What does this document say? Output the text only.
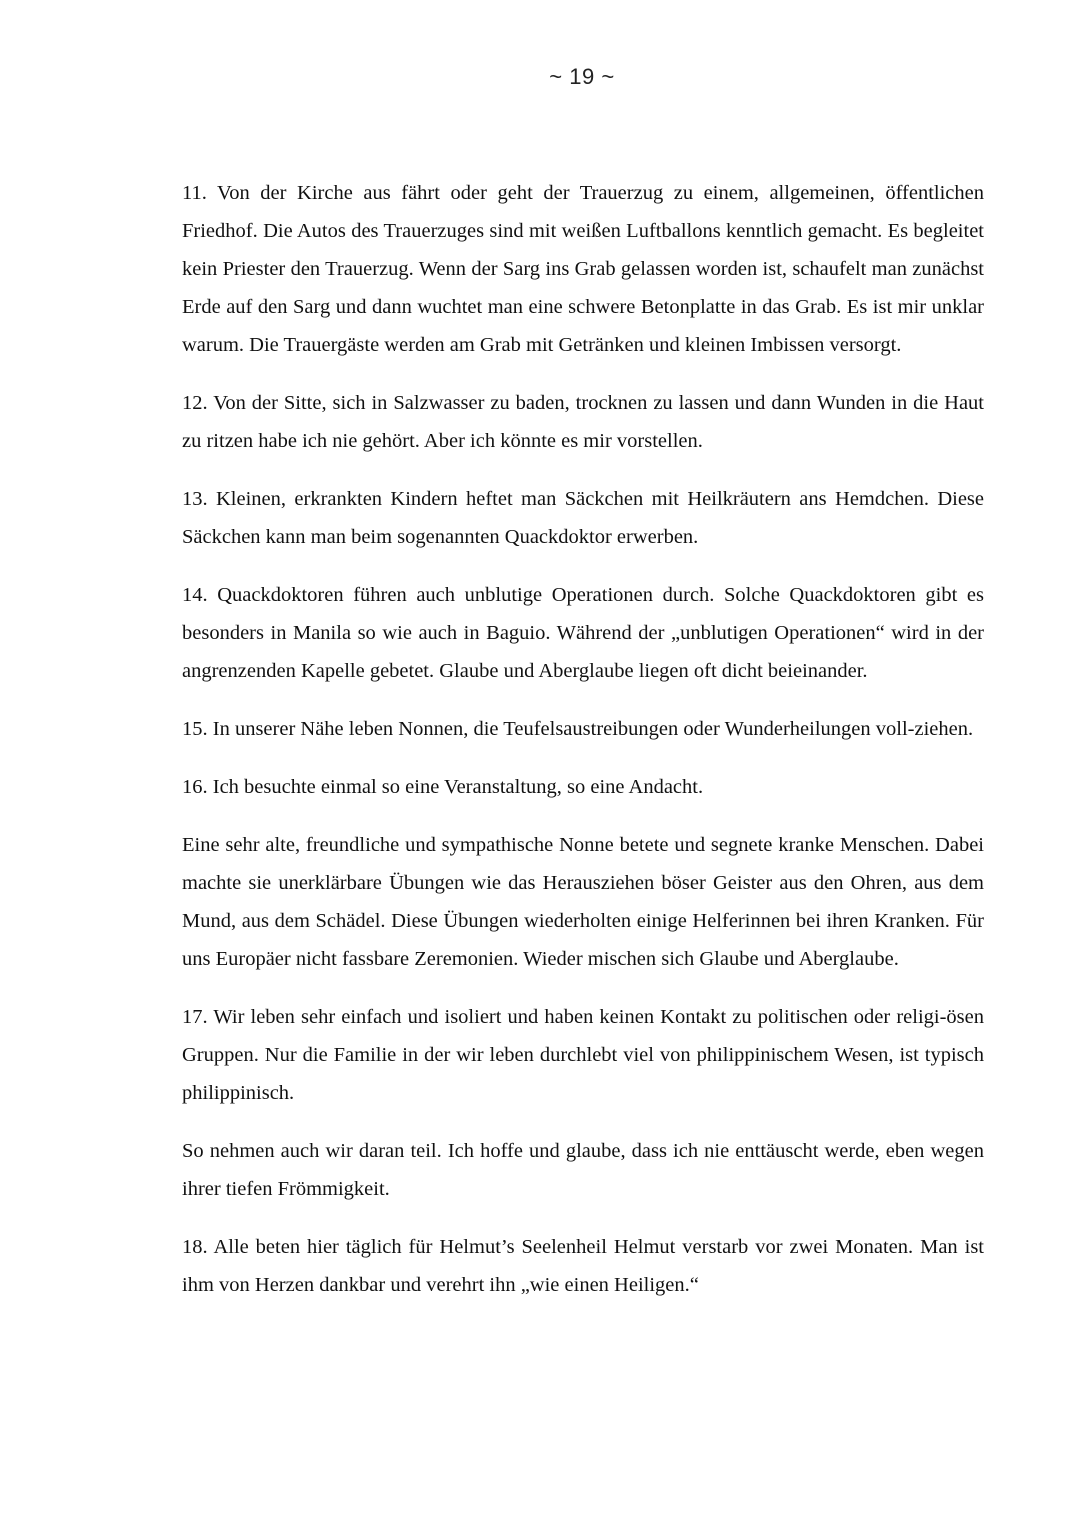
~ 19 ~

11. Von der Kirche aus fährt oder geht der Trauerzug zu einem, allgemeinen, öffentlichen Friedhof. Die Autos des Trauerzuges sind mit weißen Luftballons kenntlich gemacht. Es begleitet kein Priester den Trauerzug. Wenn der Sarg ins Grab gelassen worden ist, schaufelt man zunächst Erde auf den Sarg und dann wuchtet man eine schwere Betonplatte in das Grab. Es ist mir unklar warum. Die Trauergäste werden am Grab mit Getränken und kleinen Imbissen versorgt.

12. Von der Sitte, sich in Salzwasser zu baden, trocknen zu lassen und dann Wunden in die Haut zu ritzen habe ich nie gehört. Aber ich könnte es mir vorstellen.

13. Kleinen, erkrankten Kindern heftet man Säckchen mit Heilkräutern ans Hemdchen. Diese Säckchen kann man beim sogenannten Quackdoktor erwerben.

14. Quackdoktoren führen auch unblutige Operationen durch. Solche Quackdoktoren gibt es besonders in Manila so wie auch in Baguio. Während der „unblutigen Operationen“ wird in der angrenzenden Kapelle gebetet. Glaube und Aberglaube liegen oft dicht beieinander.

15. In unserer Nähe leben Nonnen, die Teufelsaustreibungen oder Wunderheilungen voll-ziehen.

16. Ich besuchte einmal so eine Veranstaltung, so eine Andacht.

Eine sehr alte, freundliche und sympathische Nonne betete und segnete kranke Menschen. Dabei machte sie unerklärbare Übungen wie das Herausziehen böser Geister aus den Ohren, aus dem Mund, aus dem Schädel. Diese Übungen wiederholten einige Helferinnen bei ihren Kranken. Für uns Europäer nicht fassbare Zeremonien. Wieder mischen sich Glaube und Aberglaube.

17. Wir leben sehr einfach und isoliert und haben keinen Kontakt zu politischen oder religi-ösen Gruppen. Nur die Familie in der wir leben durchlebt viel von philippinischem Wesen, ist typisch philippinisch.

So nehmen auch wir daran teil. Ich hoffe und glaube, dass ich nie enttäuscht werde, eben wegen ihrer tiefen Frömmigkeit.

18. Alle beten hier täglich für Helmut’s Seelenheil Helmut verstarb vor zwei Monaten. Man ist ihm von Herzen dankbar und verehrt ihn „wie einen Heiligen.“
